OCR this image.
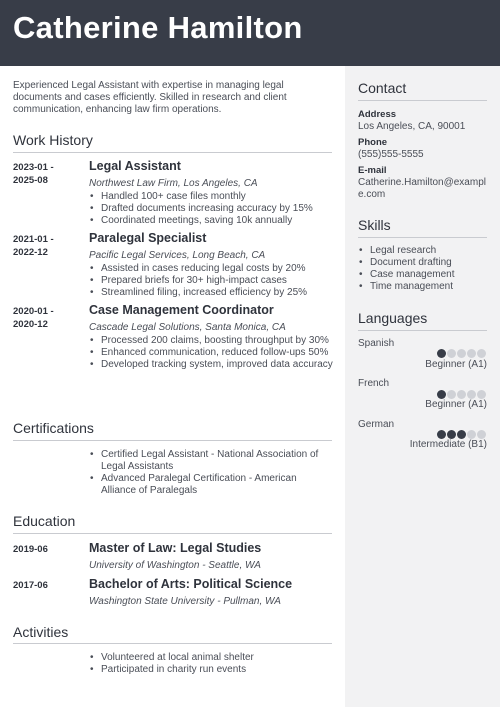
Catherine Hamilton
Experienced Legal Assistant with expertise in managing legal documents and cases efficiently. Skilled in research and client communication, enhancing law firm operations.
Work History
2023-01 -
2025-08
Legal Assistant
Northwest Law Firm, Los Angeles, CA
• Handled 100+ case files monthly
• Drafted documents increasing accuracy by 15%
• Coordinated meetings, saving 10k annually
2021-01 -
2022-12
Paralegal Specialist
Pacific Legal Services, Long Beach, CA
• Assisted in cases reducing legal costs by 20%
• Prepared briefs for 30+ high-impact cases
• Streamlined filing, increased efficiency by 25%
2020-01 -
2020-12
Case Management Coordinator
Cascade Legal Solutions, Santa Monica, CA
• Processed 200 claims, boosting throughput by 30%
• Enhanced communication, reduced follow-ups 50%
• Developed tracking system, improved data accuracy
Certifications
• Certified Legal Assistant - National Association of Legal Assistants
• Advanced Paralegal Certification - American Alliance of Paralegals
Education
2019-06	Master of Law: Legal Studies
University of Washington - Seattle, WA
2017-06	Bachelor of Arts: Political Science
Washington State University - Pullman, WA
Activities
• Volunteered at local animal shelter
• Participated in charity run events
Contact
Address
Los Angeles, CA, 90001
Phone
(555)555-5555
E-mail
Catherine.Hamilton@example.com
Skills
• Legal research
• Document drafting
• Case management
• Time management
Languages
Spanish
Beginner (A1)
French
Beginner (A1)
German
Intermediate (B1)
